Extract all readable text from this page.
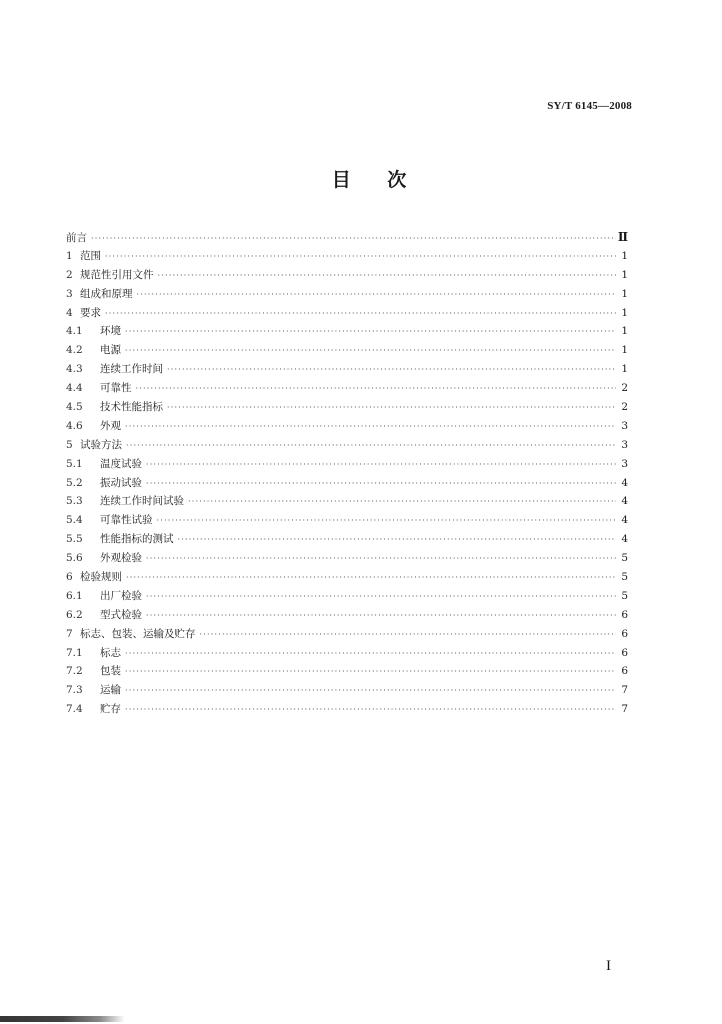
SY/T 6145—2008
目 次
前言 ·····	Ⅱ
1 范围 ·····	1
2 规范性引用文件 ·····	1
3 组成和原理 ·····	1
4 要求 ·····	1
4.1	环境 ·····	1
4.2	电源 ·····	1
4.3	连续工作时间 ·····	1
4.4	可靠性 ·····	2
4.5	技术性能指标 ·····	2
4.6	外观 ·····	3
5 试验方法 ·····	3
5.1	温度试验 ·····	3
5.2	振动试验 ·····	4
5.3	连续工作时间试验 ·····	4
5.4	可靠性试验 ·····	4
5.5	性能指标的测试 ·····	4
5.6	外观检验 ·····	5
6 检验规则 ·····	5
6.1	出厂检验 ·····	5
6.2	型式检验 ·····	6
7 标志、包装、运输及贮存 ·····	6
7.1	标志 ·····	6
7.2	包装 ·····	6
7.3	运输 ·····	7
7.4	贮存 ·····	7
I
